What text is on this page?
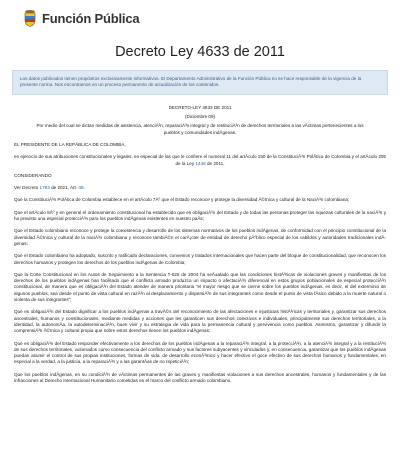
Función Pública
Decreto Ley 4633 de 2011
Los datos publicados tienen propósitos exclusivamente informativos. El Departamento Administrativo de la Función Pública no se hace responsable de la vigencia de la presente norma. Nos encontramos en un proceso permanente de actualización de los contenidos.
DECRETO-LEY 4633 DE 2011
(Diciembre 09)
Por medio del cual se dictan medidas de asistencia, atenciÃ³n, reparaciÃ³n integral y de restituciÃ³n de derechos territoriales a las vÃctimas pertenecientes a los pueblos y comunidades indÃgenas.
EL PRESIDENTE DE LA REPÃBLICA DE COLOMBIA,
en ejercicio de sus atribuciones constitucionales y legales, en especial de las que le confiere el numeral 11 del artÃculo 150 de la ConstituciÃ³n PolÃtica de Colombia y el artÃculo 205 de la Ley 1448 de 2011,
CONSIDERANDO
Ver Decreto 1793 de 2021, Art. 49.
Que la ConstituciÃ³n PolÃtica de Colombia establece en el artÃculo 7Âº que el Estado reconoce y protege la diversidad Ã©tnica y cultural de la NaciÃ³n colombiana;
Que el artÃculo 8Âº y en general el ordenamiento constitucional ha establecido que es obligaciÃ³n del Estado y de todas las personas proteger las riquezas culturales de la naciÃ³n y ha previsto una especial protecciÃ³n para los pueblos indÃgenas existentes en nuestro paÃs;
Que el Estado colombiano reconoce y protege la coexistencia y desarrollo de los sistemas normativos de los pueblos indÃgenas, de conformidad con el principio constitucional de la diversidad Ã©tnica y cultural de la naciÃ³n colombiana y reconoce tambiÃ©n el carÃ¡cter de entidad de derecho pÃºblico especial de los cabildos y autoridades tradicionales indÃgenas;
Que el Estado colombiano ha adoptado, suscrito y ratificado declaraciones, convenios y tratados internacionales que hacen parte del bloque de constitucionalidad, que reconocen los derechos humanos y protegen los derechos de los pueblos indÃgenas de Colombia;
Que la Corte Constitucional en los Autos de Seguimiento a la Sentencia T-025 de 2004 ha seÃ±alado que las condiciones histÃ³ricas de violaciones graves y manifiestas de los derechos de los pueblos indÃgenas han facilitado que el conflicto armado produzca un impacto o afectaciÃ³n diferencial en estos grupos poblacionales de especial protecciÃ³n constitucional, de manera que es obligaciÃ³n del Estado atender de manera prioritaria "el mayor riesgo que se cierne sobre los pueblos indÃgenas, es decir, el del exterminio de algunos pueblos, sea desde el punto de vista cultural en razÃ³n al desplazamiento y dispersiÃ³n de sus integrantes como desde el punto de vista fÃsico debido a la muerte natural o violenta de sus integrantes";
Que es obligaciÃ³n del Estado dignificar a los pueblos indÃgenas a travÃ©s del reconocimiento de las afectaciones e injusticias histÃ³ricas y territoriales y, garantizar sus derechos ancestrales, humanos y constitucionales, mediante medidas y acciones que les garanticen sus derechos colectivos e individuales, principalmente sus derechos territoriales, a la identidad, la autonomÃa, la autodeterminaciÃ³n, buen vivir y su estrategia de vida para la permanencia cultural y pervivencia como pueblos. Asimismo, garantizar y difundir la comprensiÃ³n Ã©tnica y cultural propia que sobre estos derechos tienen los pueblos indÃgenas;
Que es obligaciÃ³n del Estado responder efectivamente a los derechos de los pueblos indÃgenas a la reparaciÃ³n integral, a la protecciÃ³n, a la atenciÃ³n integral y a la restituciÃ³n de sus derechos territoriales, vulnerados como consecuencia del conflicto armado y sus factores subyacentes y vinculados y, en consecuencia, garantizar que los pueblos indÃgenas puedan asumir el control de sus propias instituciones, formas de vida, de desarrollo econÃ³mico y hacer efectivo el goce efectivo de sus derechos humanos y fundamentales, en especial a la verdad, a la justicia, a la reparaciÃ³n y a las garantÃas de no repeticiÃ³n;
Que los pueblos indÃgenas, en su condiciÃ³n de vÃctimas permanentes de las graves y manifiestas violaciones a sus derechos ancestrales, humanos y fundamentales y de las infracciones al Derecho Internacional Humanitario cometidas en el marco del conflicto armado colombiano,
